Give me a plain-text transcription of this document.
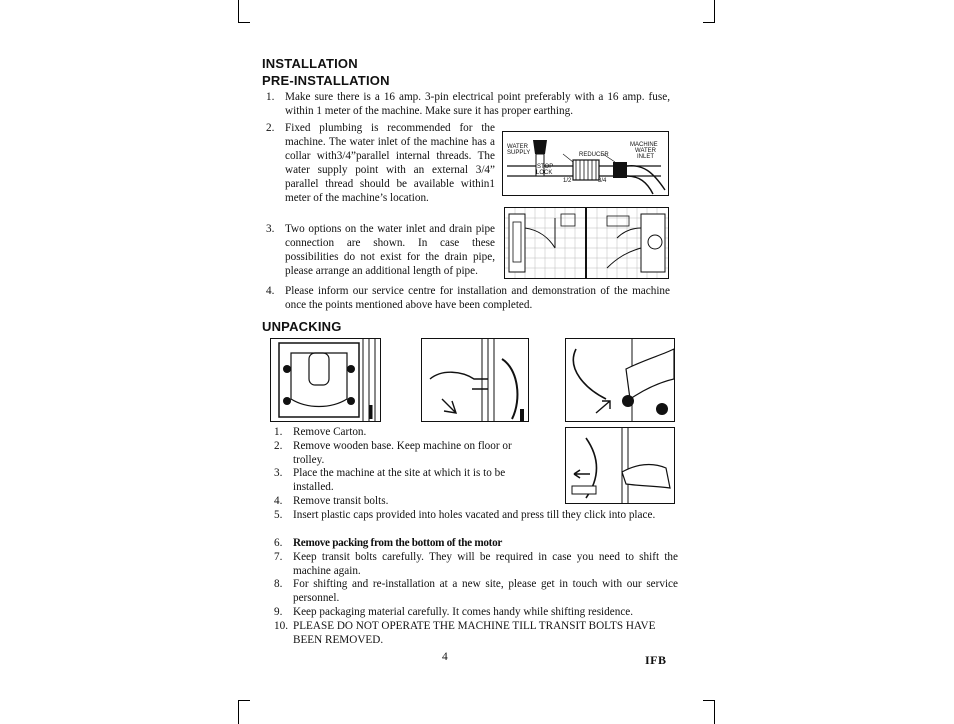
INSTALLATION
PRE-INSTALLATION
1. Make sure there is a 16 amp. 3-pin electrical point preferably with a 16 amp. fuse, within 1 meter of the machine. Make sure it has proper earthing.
2. Fixed plumbing is recommended for the machine. The water inlet of the machine has a collar with3/4”parallel internal threads. The water supply point with an external 3/4” parallel thread should be available within1 meter of the machine’s location.
3. Two options on the water inlet and drain pipe connection are shown. In case these possibilities do not exist for the drain pipe, please arrange an additional length of pipe.
4. Please inform our service centre for installation and demonstration of the machine once the points mentioned above have been completed.
WATER
SUPPLY
STOP
LOCK
REDUCER
MACHINE
WATER
INLET
1/2	3/4
UNPACKING
1. Remove Carton.
2. Remove wooden base. Keep machine on floor or trolley.
3. Place the machine at the site at which it is to be installed.
4. Remove transit bolts.
5. Insert plastic caps provided into holes vacated and press till they click into place.
6. Remove packing from the bottom of the motor
7. Keep transit bolts carefully. They will be required in case you need to shift the machine again.
8. For shifting and re-installation at a new site, please get in touch with our service personnel.
9. Keep packaging material carefully. It comes handy while shifting residence.
10. PLEASE DO NOT OPERATE THE MACHINE TILL TRANSIT BOLTS HAVE BEEN REMOVED.
4	IFB
